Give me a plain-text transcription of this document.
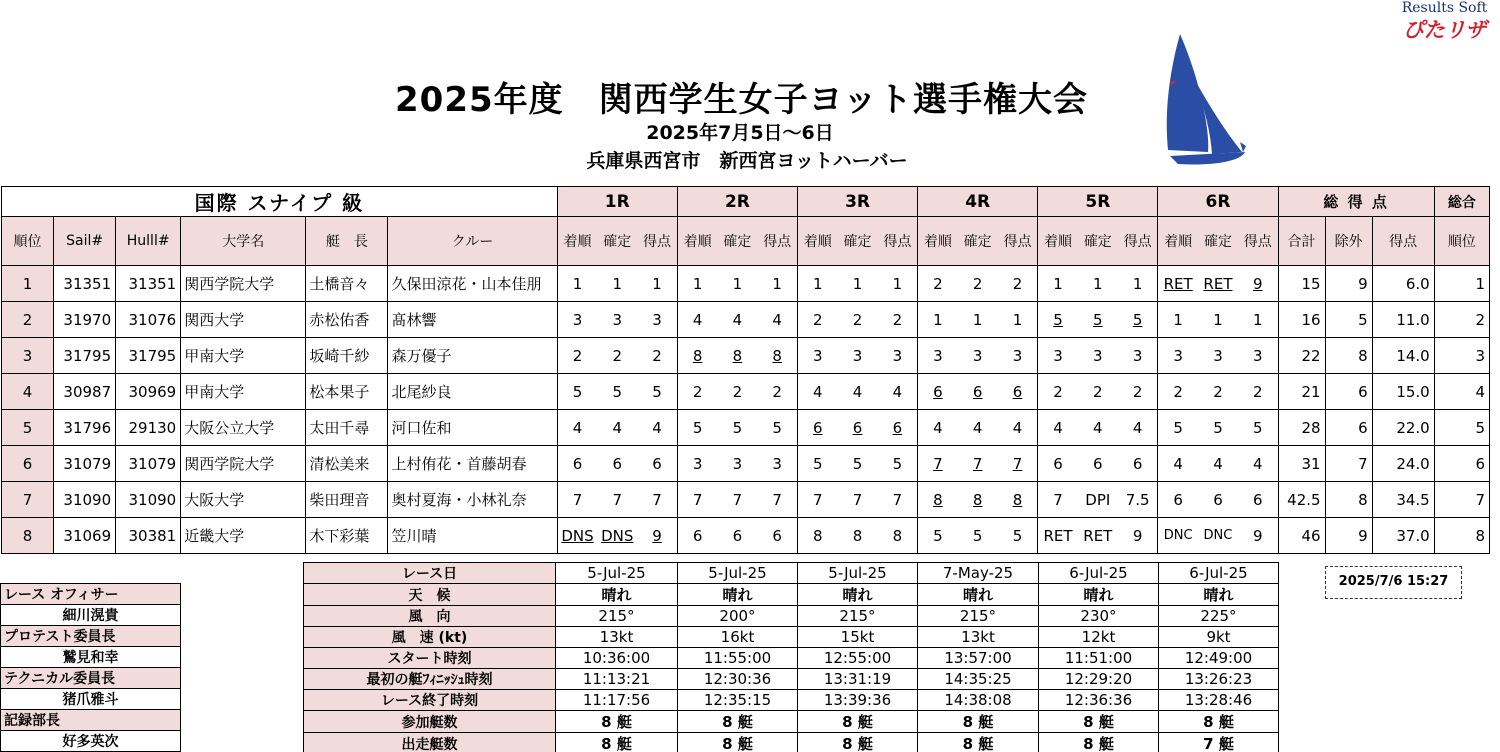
2025年度　関西学生女子ヨット選手権大会
2025年7月5日～6日
兵庫県西宮市　新西宮ヨットハーバー
Results Soft
ぴたリザ
国際 スナイプ 級						1R			2R			3R			4R			5R			6R			総 得 点			総合
順位	Sail#	Hulll#	大学名	艇　長	クルー	着順	確定	得点	着順	確定	得点	着順	確定	得点	着順	確定	得点	着順	確定	得点	着順	確定	得点	合計	除外	得点	順位
1	31351	31351	関西学院大学	土橋音々	久保田涼花・山本佳朋	1	1	1	1	1	1	1	1	1	2	2	2	1	1	1	RET	RET	9	15	9	6.0	1
2	31970	31076	関西大学	赤松佑香	髙林響	3	3	3	4	4	4	2	2	2	1	1	1	5	5	5	1	1	1	16	5	11.0	2
3	31795	31795	甲南大学	坂崎千紗	森万優子	2	2	2	8	8	8	3	3	3	3	3	3	3	3	3	3	3	3	22	8	14.0	3
4	30987	30969	甲南大学	松本果子	北尾紗良	5	5	5	2	2	2	4	4	4	6	6	6	2	2	2	2	2	2	21	6	15.0	4
5	31796	29130	大阪公立大学	太田千尋	河口佐和	4	4	4	5	5	5	6	6	6	4	4	4	4	4	4	5	5	5	28	6	22.0	5
6	31079	31079	関西学院大学	清松美来	上村侑花・首藤胡春	6	6	6	3	3	3	5	5	5	7	7	7	6	6	6	4	4	4	31	7	24.0	6
7	31090	31090	大阪大学	柴田理音	奥村夏海・小林礼奈	7	7	7	7	7	7	7	7	7	8	8	8	7	DPI	7.5	6	6	6	42.5	8	34.5	7
8	31069	30381	近畿大学	木下彩葉	笠川晴	DNS	DNS	9	6	6	6	8	8	8	5	5	5	RET	RET	9	DNC	DNC	9	46	9	37.0	8
レース オフィサー
細川滉貴
プロテスト委員長
鷲見和幸
テクニカル委員長
猪爪雅斗
記録部長
好多英次
レース日	5-Jul-25	5-Jul-25	5-Jul-25	7-May-25	6-Jul-25	6-Jul-25
天　候	晴れ	晴れ	晴れ	晴れ	晴れ	晴れ
風　向	215°	200°	215°	215°	230°	225°
風　速 (kt)	13kt	16kt	15kt	13kt	12kt	9kt
スタート時刻	10:36:00	11:55:00	12:55:00	13:57:00	11:51:00	12:49:00
最初の艇ﾌｨﾆｯｼｭ時刻	11:13:21	12:30:36	13:31:19	14:35:25	12:29:20	13:26:23
レース終了時刻	11:17:56	12:35:15	13:39:36	14:38:08	12:36:36	13:28:46
参加艇数	8 艇	8 艇	8 艇	8 艇	8 艇	8 艇
出走艇数	8 艇	8 艇	8 艇	8 艇	8 艇	7 艇
2025/7/6 15:27
